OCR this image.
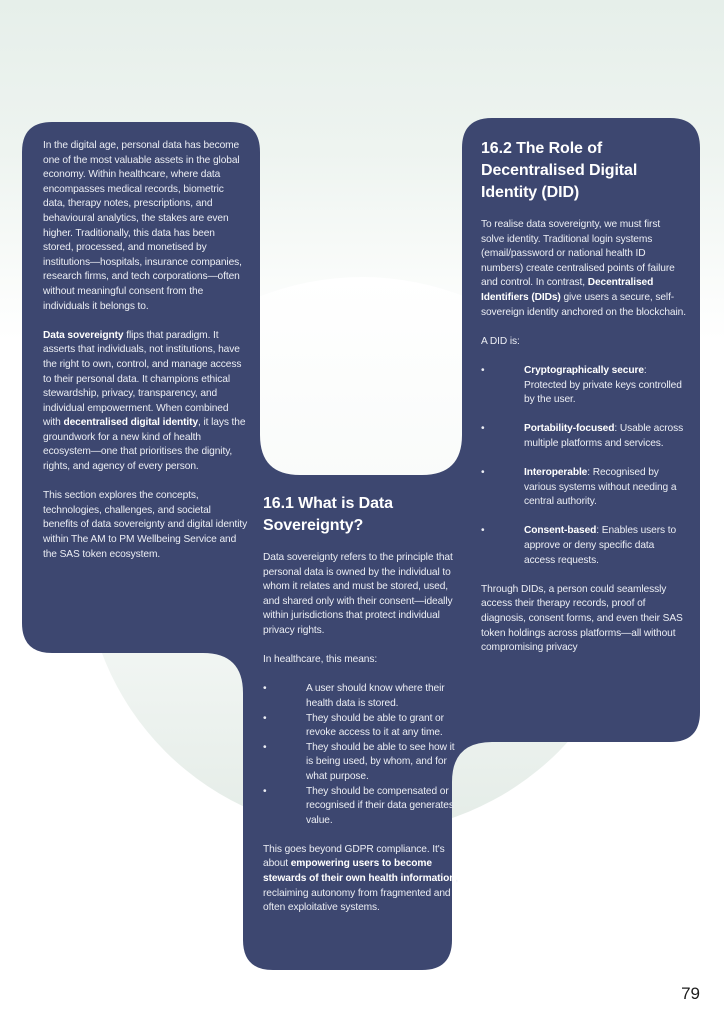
In the digital age, personal data has become one of the most valuable assets in the global economy. Within healthcare, where data encompasses medical records, biometric data, therapy notes, prescriptions, and behavioural analytics, the stakes are even higher. Traditionally, this data has been stored, processed, and monetised by institutions—hospitals, insurance companies, research firms, and tech corporations—often without meaningful consent from the individuals it belongs to.

Data sovereignty flips that paradigm. It asserts that individuals, not institutions, have the right to own, control, and manage access to their personal data. It champions ethical stewardship, privacy, transparency, and individual empowerment. When combined with decentralised digital identity, it lays the groundwork for a new kind of health ecosystem—one that prioritises the dignity, rights, and agency of every person.

This section explores the concepts, technologies, challenges, and societal benefits of data sovereignty and digital identity within The AM to PM Wellbeing Service and the SAS token ecosystem.

16.1 What is Data Sovereignty?

Data sovereignty refers to the principle that personal data is owned by the individual to whom it relates and must be stored, used, and shared only with their consent—ideally within jurisdictions that protect individual privacy rights.

In healthcare, this means:

•	A user should know where their health data is stored.
•	They should be able to grant or revoke access to it at any time.
•	They should be able to see how it is being used, by whom, and for what purpose.
•	They should be compensated or recognised if their data generates value.

This goes beyond GDPR compliance. It's about empowering users to become stewards of their own health information, reclaiming autonomy from fragmented and often exploitative systems.

16.2 The Role of Decentralised Digital Identity (DID)

To realise data sovereignty, we must first solve identity. Traditional login systems (email/password or national health ID numbers) create centralised points of failure and control. In contrast, Decentralised Identifiers (DIDs) give users a secure, self-sovereign identity anchored on the blockchain.

A DID is:

•	Cryptographically secure: Protected by private keys controlled by the user.
•	Portability-focused: Usable across multiple platforms and services.
•	Interoperable: Recognised by various systems without needing a central authority.
•	Consent-based: Enables users to approve or deny specific data access requests.

Through DIDs, a person could seamlessly access their therapy records, proof of diagnosis, consent forms, and even their SAS token holdings across platforms—all without compromising privacy

79
